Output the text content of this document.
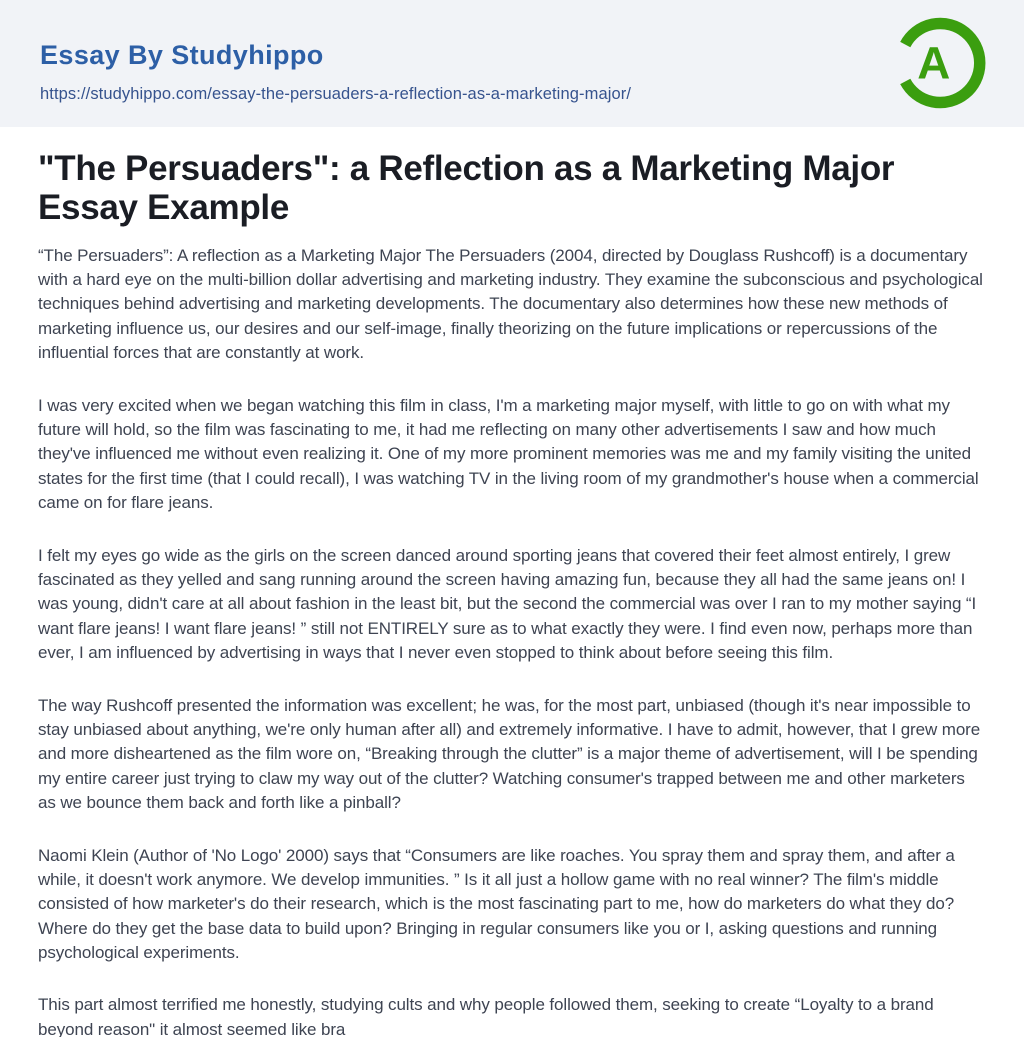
Essay By Studyhippo
https://studyhippo.com/essay-the-persuaders-a-reflection-as-a-marketing-major/
A
"The Persuaders": a Reflection as a Marketing Major Essay Example

“The Persuaders”: A reflection as a Marketing Major The Persuaders (2004, directed by Douglass Rushcoff) is a documentary with a hard eye on the multi-billion dollar advertising and marketing industry. They examine the subconscious and psychological techniques behind advertising and marketing developments. The documentary also determines how these new methods of marketing influence us, our desires and our self-image, finally theorizing on the future implications or repercussions of the influential forces that are constantly at work.

I was very excited when we began watching this film in class, I'm a marketing major myself, with little to go on with what my future will hold, so the film was fascinating to me, it had me reflecting on many other advertisements I saw and how much they've influenced me without even realizing it. One of my more prominent memories was me and my family visiting the united states for the first time (that I could recall), I was watching TV in the living room of my grandmother's house when a commercial came on for flare jeans.

I felt my eyes go wide as the girls on the screen danced around sporting jeans that covered their feet almost entirely, I grew fascinated as they yelled and sang running around the screen having amazing fun, because they all had the same jeans on! I was young, didn't care at all about fashion in the least bit, but the second the commercial was over I ran to my mother saying “I want flare jeans! I want flare jeans! ” still not ENTIRELY sure as to what exactly they were. I find even now, perhaps more than ever, I am influenced by advertising in ways that I never even stopped to think about before seeing this film.

The way Rushcoff presented the information was excellent; he was, for the most part, unbiased (though it's near impossible to stay unbiased about anything, we're only human after all) and extremely informative. I have to admit, however, that I grew more and more disheartened as the film wore on, “Breaking through the clutter” is a major theme of advertisement, will I be spending my entire career just trying to claw my way out of the clutter? Watching consumer's trapped between me and other marketers as we bounce them back and forth like a pinball?

Naomi Klein (Author of 'No Logo' 2000) says that “Consumers are like roaches. You spray them and spray them, and after a while, it doesn't work anymore. We develop immunities. ” Is it all just a hollow game with no real winner? The film's middle consisted of how marketer's do their research, which is the most fascinating part to me, how do marketers do what they do? Where do they get the base data to build upon? Bringing in regular consumers like you or I, asking questions and running psychological experiments.

This part almost terrified me honestly, studying cults and why people followed them, seeking to create “Loyalty to a brand beyond reason" it almost seemed like bra
